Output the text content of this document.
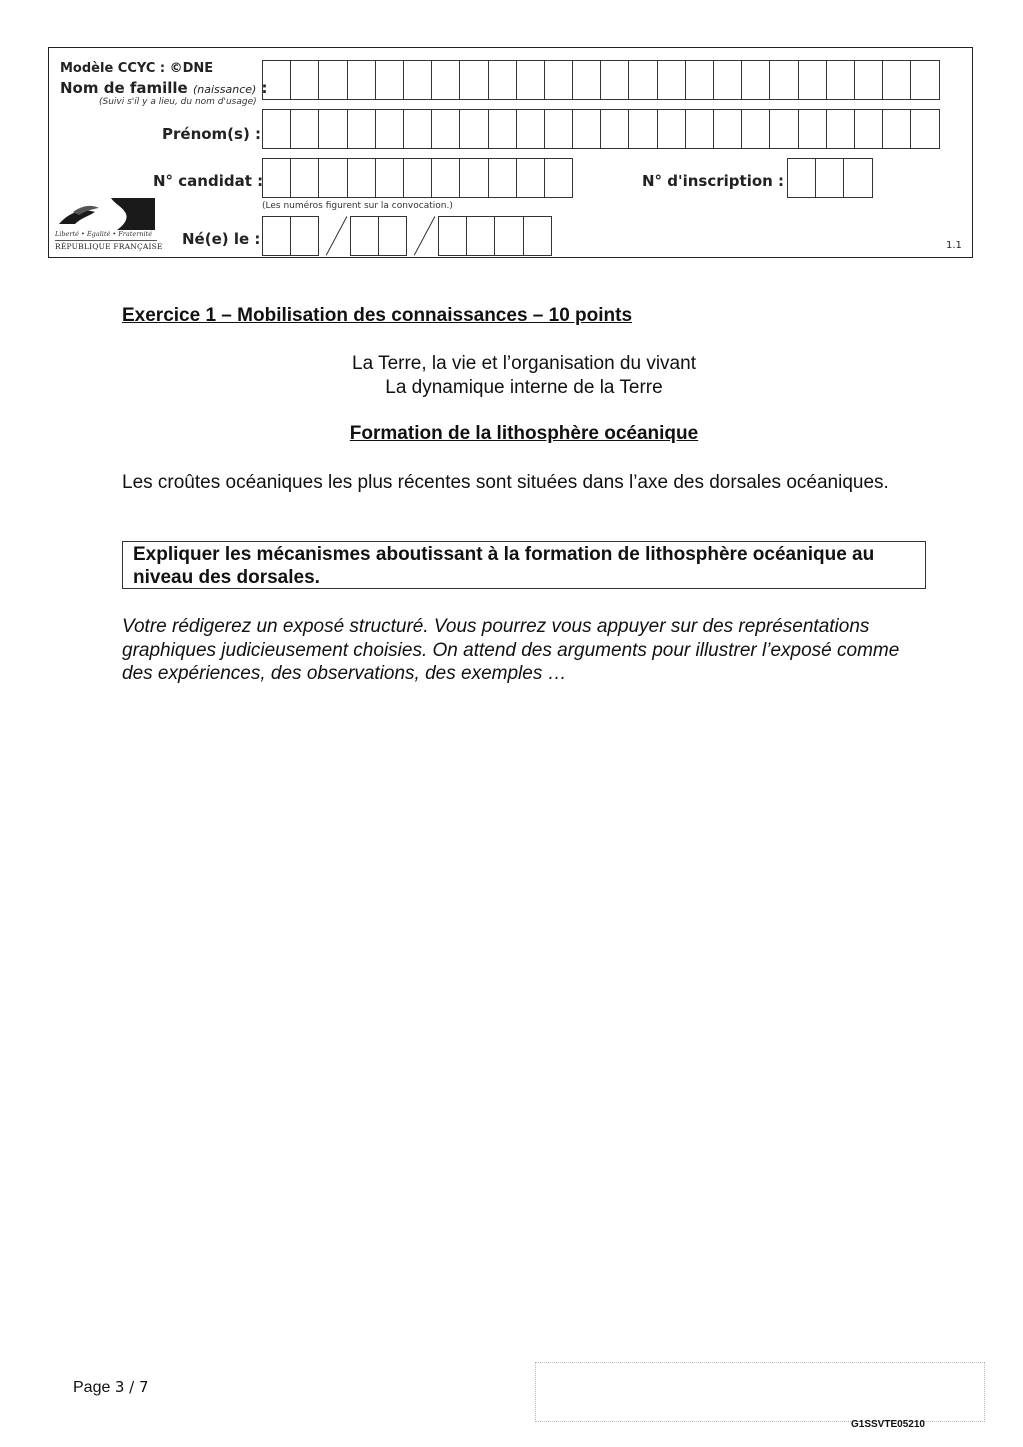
Modèle CCYC : ©DNE
Nom de famille (naissance) :
(Suivi s'il y a lieu, du nom d'usage)
Prénom(s) :
N° candidat :	N° d'inscription :
(Les numéros figurent sur la convocation.)
Liberté • Égalité • Fraternité
RÉPUBLIQUE FRANÇAISE Né(e) le :	1.1
Exercice 1 – Mobilisation des connaissances – 10 points
La Terre, la vie et l’organisation du vivant
La dynamique interne de la Terre
Formation de la lithosphère océanique
Les croûtes océaniques les plus récentes sont situées dans l’axe des dorsales océaniques.
Expliquer les mécanismes aboutissant à la formation de lithosphère océanique au niveau des dorsales.
Votre rédigerez un exposé structuré. Vous pourrez vous appuyer sur des représentations graphiques judicieusement choisies. On attend des arguments pour illustrer l’exposé comme des expériences, des observations, des exemples …
Page 3 / 7
G1SSVTE05210
